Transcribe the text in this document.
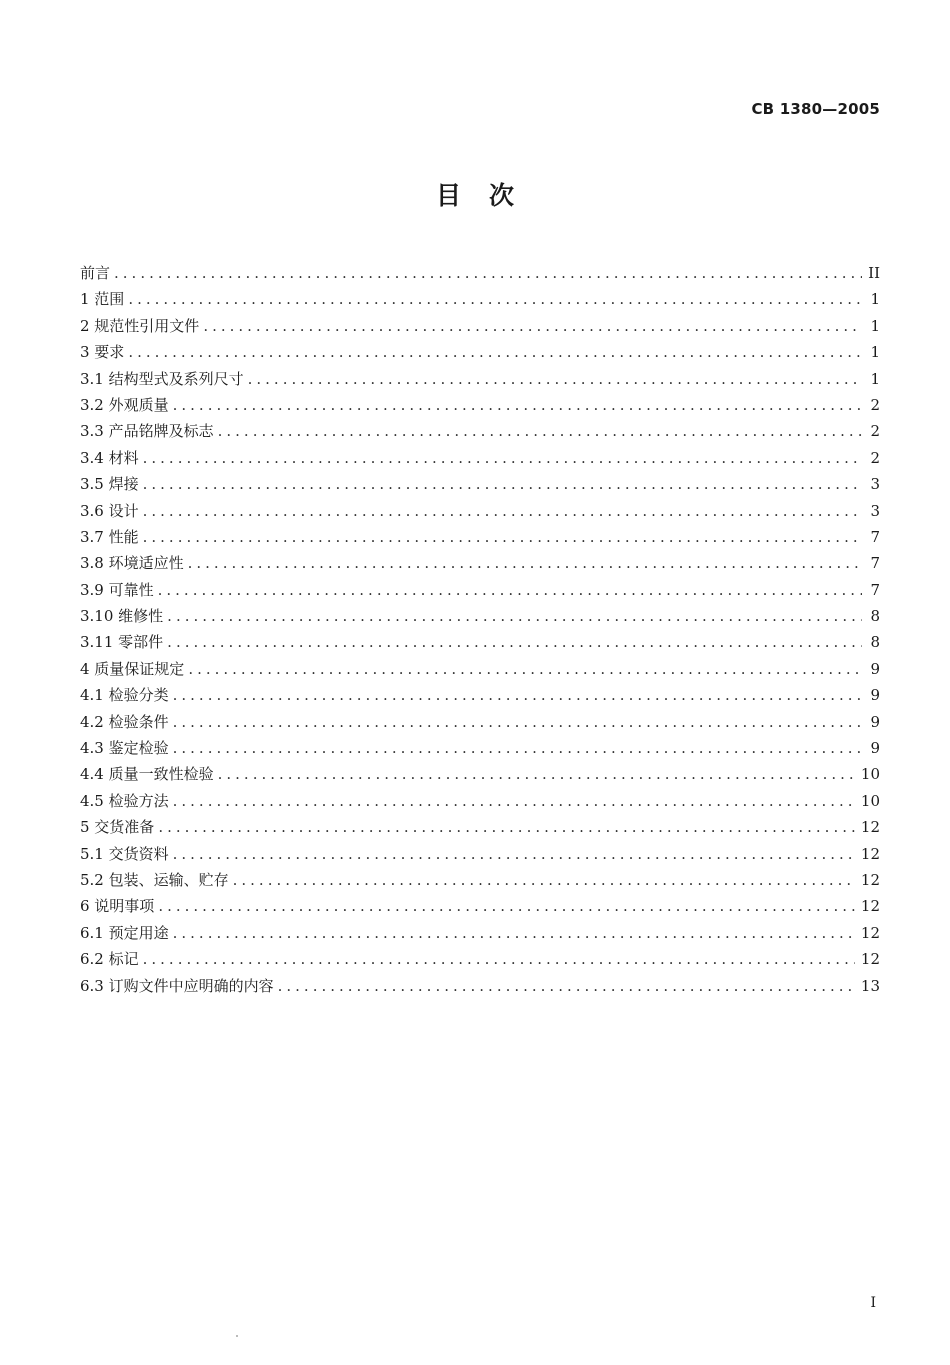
CB 1380—2005
目次
前言 .....	II
1 范围 .....	1
2 规范性引用文件 .....	1
3 要求 .....	1
3.1 结构型式及系列尺寸 .....	1
3.2 外观质量 .....	2
3.3 产品铭牌及标志 .....	2
3.4 材料 .....	2
3.5 焊接 .....	3
3.6 设计 .....	3
3.7 性能 .....	7
3.8 环境适应性 .....	7
3.9 可靠性 .....	7
3.10 维修性 .....	8
3.11 零部件 .....	8
4 质量保证规定 .....	9
4.1 检验分类 .....	9
4.2 检验条件 .....	9
4.3 鉴定检验 .....	9
4.4 质量一致性检验 .....	10
4.5 检验方法 .....	10
5 交货准备 .....	12
5.1 交货资料 .....	12
5.2 包装、运输、贮存 .....	12
6 说明事项 .....	12
6.1 预定用途 .....	12
6.2 标记 .....	12
6.3 订购文件中应明确的内容 .....	13
I
